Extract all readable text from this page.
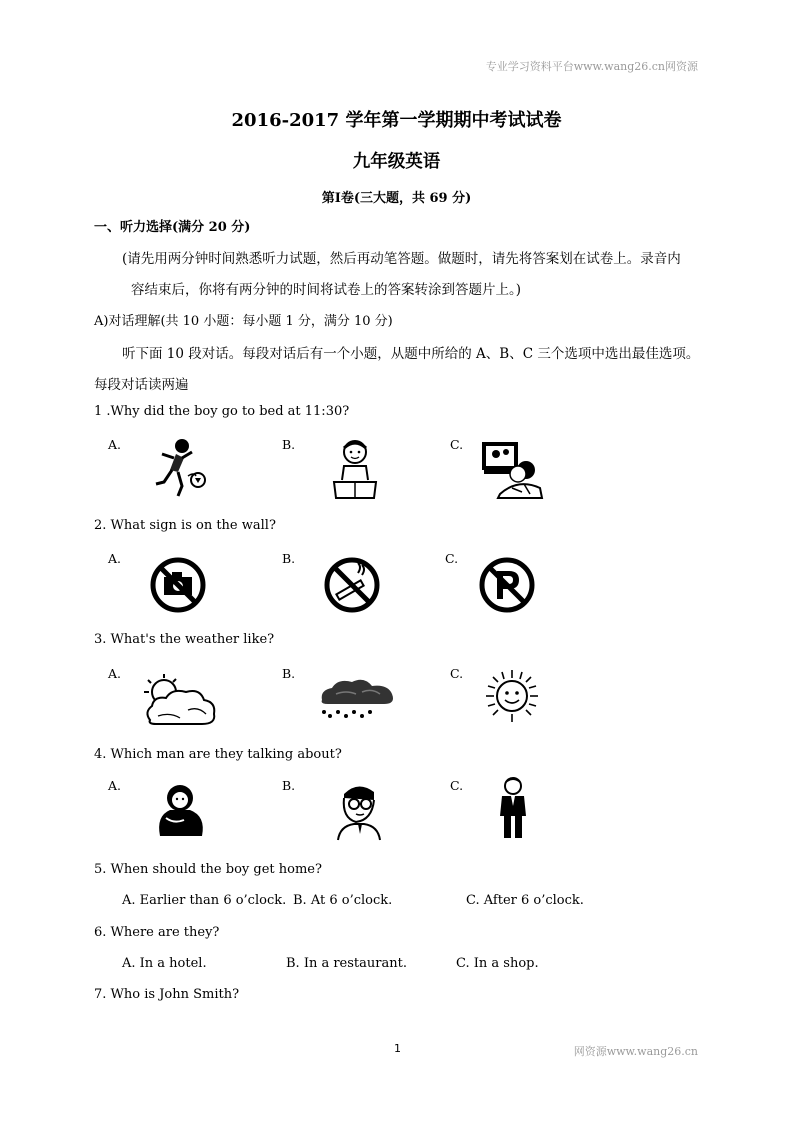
专业学习资料平台www.wang26.cn网资源
2016-2017 学年第一学期期中考试试卷
九年级英语
第Ⅰ卷(三大题，共 69 分)
一、听力选择(满分 20 分)
(请先用两分钟时间熟悉听力试题，然后再动笔答题。做题时，请先将答案划在试卷上。录音内
容结束后，你将有两分钟的时间将试卷上的答案转涂到答题片上。)
A)对话理解(共 10 小题：每小题 1 分，满分 10 分)
听下面 10 段对话。每段对话后有一个小题，从题中所给的 A、B、C 三个选项中选出最佳选项。
每段对话读两遍
1 .Why did the boy go to bed at 11:30?
A.	B.	C.
2. What sign is on the wall?
A.	B.	C.
3. What's the weather like?
A.	B.	C.
4. Which man are they talking about?
A.	B.	C.
5. When should the boy get home?
A. Earlier than 6 o’clock. B. At 6 o’clock.	C. After 6 o’clock.
6. Where are they?
A. In a hotel.	B. In a restaurant.	C. In a shop.
7. Who is John Smith?
1	网资源www.wang26.cn
